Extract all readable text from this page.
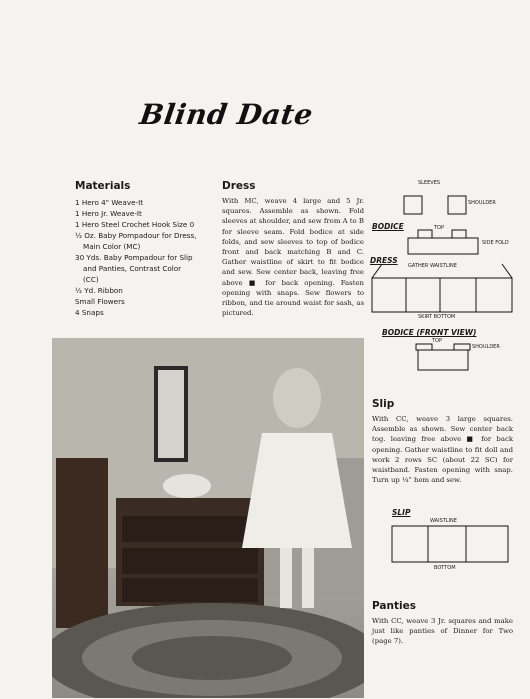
Blind Date

Materials

1 Hero 4" Weave-It
1 Hero Jr. Weave-It
1 Hero Steel Crochet Hook Size 0
½ Oz. Baby Pompadour for Dress,
Main Color (MC)
30 Yds. Baby Pompadour for Slip
and Panties, Contrast Color
(CC)
½ Yd. Ribbon
Small Flowers
4 Snaps

Dress

With MC, weave 4 large and 5 Jr. squares. Assemble as shown. Fold sleeves at shoulder, and sew from A to B for sleeve seam. Fold bodice at side folds, and sew sleeves to top of bodice front and back matching B and C. Gather waistline of skirt to fit bodice and sew. Sew center back, leaving free above ■ for back opening. Fasten opening with snaps. Sew flowers to ribbon, and tie around waist for sash, as pictured.

SLEEVES
SHOULDER
BODICE	TOP
SIDE FOLD
DRESS
GATHER WAISTLINE
SKIRT BOTTOM
BODICE (FRONT VIEW)
TOP
SHOULDER

Slip

With CC, weave 3 large squares. Assemble as shown. Sew center back tog. leaving free above ■ for back opening. Gather waistline to fit doll and work 2 rows SC (about 22 SC) for waistband. Fasten opening with snap. Turn up ¼" hem and sew.

SLIP
WAISTLINE
BOTTOM

Panties

With CC, weave 3 Jr. squares and make just like panties of Dinner for Two (page 7).
